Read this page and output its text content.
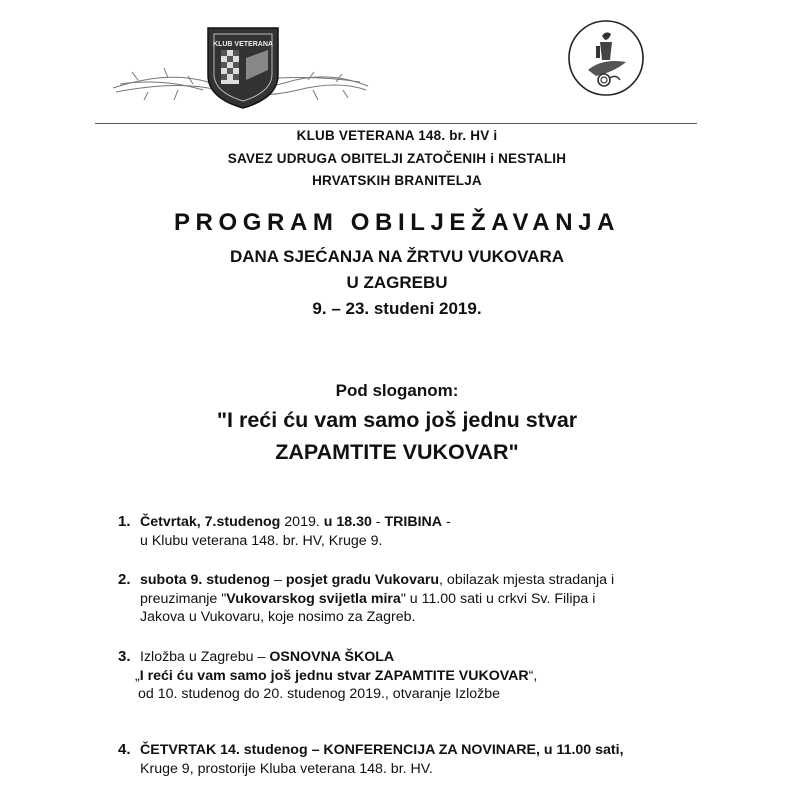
KLUB VETERANA
KLUB VETERANA 148. br. HV i
SAVEZ UDRUGA OBITELJI ZATOČENIH i NESTALIH
HRVATSKIH BRANITELJA
PROGRAM OBILJEŽAVANJA
DANA SJEĆANJA NA ŽRTVU VUKOVARA
U ZAGREBU
9. – 23. studeni 2019.
Pod sloganom:
"I reći ću vam samo još jednu stvar
ZAPAMTITE VUKOVAR"
1. Četvrtak, 7.studenog 2019. u 18.30 - TRIBINA -
u Klubu veterana 148. br. HV, Kruge 9.
2. subota 9. studenog – posjet gradu Vukovaru, obilazak mjesta stradanja i
preuzimanje "Vukovarskog svijetla mira" u 11.00 sati u crkvi Sv. Filipa i
Jakova u Vukovaru, koje nosimo za Zagreb.
3. Izložba u Zagrebu – OSNOVNA ŠKOLA
„I reći ću vam samo još jednu stvar ZAPAMTITE VUKOVAR“,
od 10. studenog do 20. studenog 2019., otvaranje Izložbe
4. ČETVRTAK 14. studenog – KONFERENCIJA ZA NOVINARE, u 11.00 sati,
Kruge 9, prostorije Kluba veterana 148. br. HV.
